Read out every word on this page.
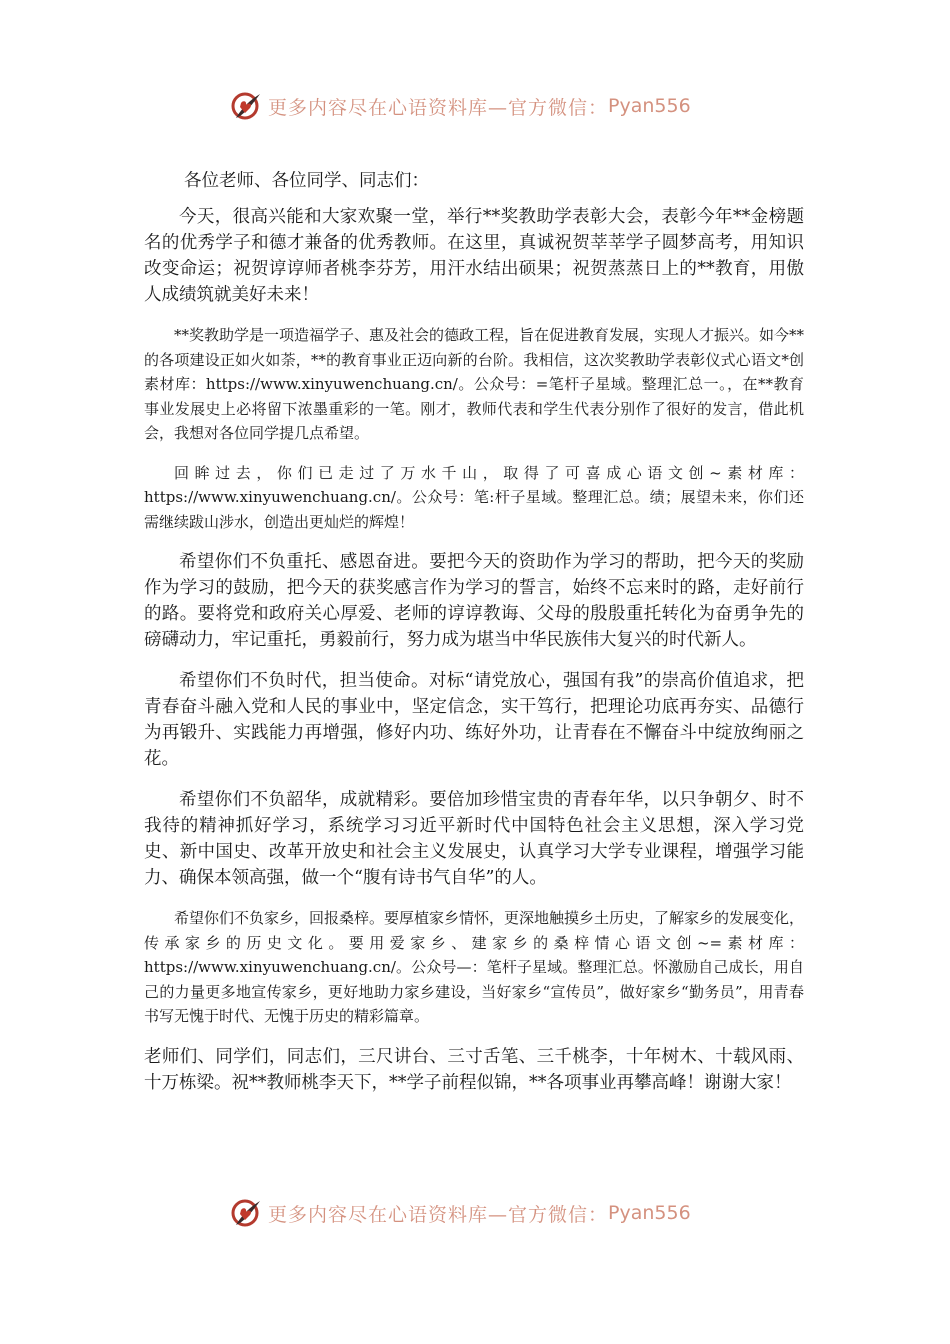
更多内容尽在心语资料库—官方微信： Pyan556

各位老师、各位同学、同志们：

今天，很高兴能和大家欢聚一堂，举行**奖教助学表彰大会，表彰今年**金榜题名的优秀学子和德才兼备的优秀教师。在这里，真诚祝贺莘莘学子圆梦高考，用知识改变命运；祝贺谆谆师者桃李芬芳，用汗水结出硕果；祝贺蒸蒸日上的**教育，用傲人成绩筑就美好未来！

**奖教助学是一项造福学子、惠及社会的德政工程，旨在促进教育发展，实现人才振兴。如今**的各项建设正如火如荼，**的教育事业正迈向新的台阶。我相信，这次奖教助学表彰仪式心语文*创素材库：https://www.xinyuwenchuang.cn/。公众号：=笔杆子星域。整理汇总一。，在**教育事业发展史上必将留下浓墨重彩的一笔。刚才，教师代表和学生代表分别作了很好的发言，借此机会，我想对各位同学提几点希望。

回眸过去，你们已走过了万水千山，取得了可喜成心语文创~素材库：https://www.xinyuwenchuang.cn/。公众号：笔:杆子星域。整理汇总。绩；展望未来，你们还需继续跋山涉水，创造出更灿烂的辉煌！

希望你们不负重托、感恩奋进。要把今天的资助作为学习的帮助，把今天的奖励作为学习的鼓励，把今天的获奖感言作为学习的誓言，始终不忘来时的路，走好前行的路。要将党和政府关心厚爱、老师的谆谆教诲、父母的殷殷重托转化为奋勇争先的磅礴动力，牢记重托，勇毅前行，努力成为堪当中华民族伟大复兴的时代新人。

希望你们不负时代，担当使命。对标“请党放心，强国有我”的崇高价值追求，把青春奋斗融入党和人民的事业中，坚定信念，实干笃行，把理论功底再夯实、品德行为再锻升、实践能力再增强，修好内功、练好外功，让青春在不懈奋斗中绽放绚丽之花。

希望你们不负韶华，成就精彩。要倍加珍惜宝贵的青春年华，以只争朝夕、时不我待的精神抓好学习，系统学习习近平新时代中国特色社会主义思想，深入学习党史、新中国史、改革开放史和社会主义发展史，认真学习大学专业课程，增强学习能力、确保本领高强，做一个“腹有诗书气自华”的人。

希望你们不负家乡，回报桑梓。要厚植家乡情怀，更深地触摸乡土历史，了解家乡的发展变化，传承家乡的历史文化。要用爱家乡、建家乡的桑梓情心语文创~=素材库：https://www.xinyuwenchuang.cn/。公众号—：笔杆子星域。整理汇总。怀激励自己成长，用自己的力量更多地宣传家乡，更好地助力家乡建设，当好家乡“宣传员”，做好家乡“勤务员”，用青春书写无愧于时代、无愧于历史的精彩篇章。

老师们、同学们，同志们，三尺讲台、三寸舌笔、三千桃李，十年树木、十载风雨、十万栋梁。祝**教师桃李天下，**学子前程似锦，**各项事业再攀高峰！谢谢大家！

更多内容尽在心语资料库—官方微信： Pyan556
